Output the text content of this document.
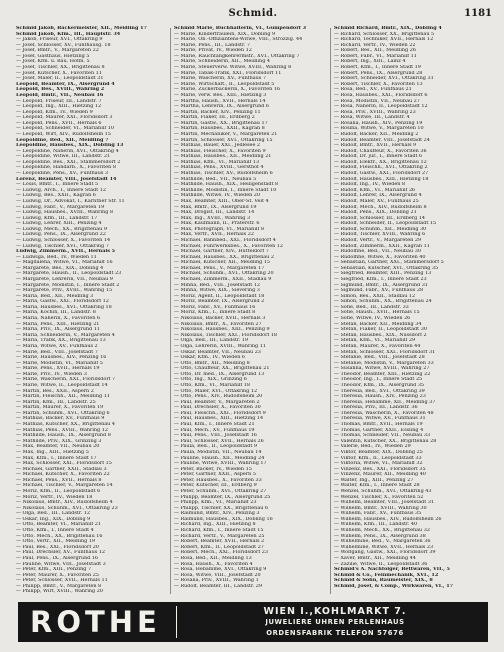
Schmid.	1181
Schmid Jakob, Bäckermeister, XII., Meidling 17
Schmid Jakob, Kfm., III., Hauptstr. 34
— Jakob, Friseur, XVI., Ottakring 9
— Josef, Schlosser, XV., Fünfhausg. 18
— Josef, Bmtr., V., Margareten 22
— Josef, Gasthaus, Hietzing 5
— Josef, Kfm. u. Bau, Hofm. 5
— Josef, Tischler, XX., Brigittenau 8
— Josef, Kutscher, X., Favoriten 11
— Josef, Maler, II., Leopoldstadt 31
Leopold, Beamter, IX., Alsergrund 4
Leopold, Bes., XVIII., Währing 2
Leopold, Bmtr., VII., Neubau 16
— Leopold, Friseur, III., Landstr. 7
— Leopold, Ing., XIII., Hietzing 12
— Leopold, Kfm., IV., Wieden 9
— Leopold, Maurer, XXI., Floridsdorf 3
— Leopold, Pens., XVII., Hernals 6
— Leopold, Schneider, VI., Mariahilf 10
— Leopold, Wirt, XIV., Rudolfsheim 15
Leopoldine, Bed., XII., Meidling 7
Leopoldine, Hausbes., XIX., Döbling 13
— Leopoldine, Näherin, XVI., Ottakring 4
— Leopoldine, Witwe, III., Landstr. 21
— Leopoldine, Bes., XXI., Stammersdorf 2
— Leopoldine, Handarb., X., Favoriten 8
— Leopoldine, Pens., XV., Fünfhaus 3
Lorenz, Beamter, VIII., Josefstadt 14
— Louis, Bmtr., I., Innere Stadt 5
— Ludwig, Arch., I., Innere Stadt 12
— Ludwig, Bes., XXII., Kagran 6
— Ludwig, Dr., Advokat, I., Kärntner Str. 11
— Ludwig, Fabr., V., Margareten 19
— Ludwig, Hausbes., XVIII., Währing 8
— Ludwig, Kfm., III., Landstr. 17
— Ludwig, Lehrer, XIII., Penzing 4
— Ludwig, Mech., XX., Brigittenau 9
— Ludwig, Pens., IX., Alsergrund 22
— Ludwig, Schlosser, X., Favoriten 14
— Ludwig, Tischler, XVI., Ottakring 7
Ludwig, Zimmerm., XVII., Hernals 5
— Ludwiga, Bed., IV., Wieden 11
— Magdalena, Witwe, VI., Mariahilf 16
— Margarete, Bes., XIX., Döbling 4
— Margarete, Haush., II., Leopoldstadt 23
— Margarete, Lehrerin, VII., Neubau 9
— Margarete, Modistin, I., Innere Stadt 2
— Margarete, Priv., XVIII., Währing 15
— Maria, Bed., XII., Meidling 3
— Maria, Gastw., XXI., Floridsdorf 12
— Maria, Hausbes., XVI., Ottakring 18
— Maria, Köchin, III., Landstr. 8
— Maria, Näherin, X., Favoriten 6
— Maria, Pens., XIII., Hietzing 21
— Maria, Priv., IX., Alsergrund 11
— Maria, Schneiderin, V., Margareten 4
— Maria, Trafik, XX., Brigittenau 13
— Maria, Witwe, XV., Fünfhaus 2
— Marie, Bed., VIII., Josefstadt 7
— Marie, Hausbes., XIV., Penzing 16
— Marie, Modistin, VI., Mariahilf 5
— Marie, Pens., XVII., Hernals 19
— Marie, Priv., IV., Wieden 3
— Marie, Wäscherin, XXI., Floridsdorf 7
— Marie, Witwe, II., Leopoldstadt 14
— Martin, Bes., XXII., Aspern 2
— Martin, Fleischh., XII., Meidling 11
— Martin, Kfm., III., Landstr. 25
— Martin, Maurer, X., Favoriten 19
— Martin, Schuhm., XVI., Ottakring 6
— Mathias, Bäcker, XV., Fünfhaus 9
— Mathias, Kutscher, XX., Brigittenau 4
— Mathias, Pens., XVIII., Währing 12
— Mathilde, Haush., IX., Alsergrund 8
— Mathilde, Priv., XIX., Grinzing 3
— Max, Beamter, VII., Neubau 20
— Max, Ing., XIII., Hietzing 5
— Max, Kfm., I., Innere Stadt 17
— Max, Schlosser, XXI., Floridsdorf 15
— Michael, Gärtner, XXII., Stadlau 3
— Michael, Kutscher, X., Favoriten 22
— Michael, Pens., XVII., Hernals 8
— Michael, Tischler, V., Margareten 14
— Moriz, Kfm., II., Leopoldstadt 6
— Moriz, Vertr., IV., Wieden 18
— Nikolaus, Bmtr., XIV., Rudolfsheim 4
— Nikolaus, Schuhm., XVI., Ottakring 23
— Olga, Bed., III., Landstr. 12
— Oskar, Ing., XIX., Döbling 9
— Otto, Beamter, VI., Mariahilf 21
— Otto, Kfm., I., Innere Stadt 4
— Otto, Mech., XX., Brigittenau 16
— Otto, Vertr., XII., Meidling 19
— Paul, Bes., XXI., Floridsdorf 20
— Paul, Drechsler, XV., Fünfhaus 12
— Paul, Pens., IX., Alsergrund 16
— Pauline, Witwe, VIII., Josefstadt 3
— Peter, Kfm., XIII., Penzing 7
— Peter, Maurer, X., Favoriten 25
— Peter, Schlosser, XVII., Hernals 11
— Philipp, Bmtr., V., Margareten 8
— Philipp, Wirt, XVIII., Währing 20
Schmid Marie, Buchhalterin, VI., Gumpendorf 3
— Marie, Kinderfräulein, XIX., Döbling 9
— Marie, Ob.-Offiziantens-Witwe, VIII., Strozzig. 44
— Marie, Pens., III., Landstr. 7
— Marie, Privat, IV., Wieden 12
— Marie, Rauchfangkehrermstr., XVI., Ottakring 7
— Marie, Schneiderin, XII., Meidling 4
— Marie, Steuerverw. Witwe, XVIII., Währing 8
— Marie, Tabak-Trafik, XXI., Floridsdorf 11
— Marie, Wäscherin, XV., Fünfhaus 7
— Marie, Wirtschaft., II., Leopoldstadt 5
— Marie, Zuckerbäckerin, X., Favoriten 16
— Marie, verw. Bes., XIII., Hietzing 3
— Martha, Haush., XVII., Hernals 14
— Martha, Lehrerin, IX., Alsergrund 6
— Martin, Bäcker, XIV., Penzing 11
— Martin, Fiaker, III., Erdberg 2
— Martin, Gastw., XX., Brigittenau 17
— Martin, Hausbes., XXII., Kagran 8
— Martin, Mechaniker, V., Margareten 21
— Martin, Schlosser, XVI., Ottakring 15
— Mathias, Bauer, XXI., Jedlesee 2
— Mathias, Fleischer, X., Favoriten 9
— Mathias, Hausbes., XII., Meidling 21
— Mathias, Kfm., VI., Mariahilf 13
— Mathias, Pens., XVIII., Gersthof 4
— Mathias, Tischler, XV., Rudolfsheim 6
— Mathilde, Bed., VII., Neubau 5
— Mathilde, Haush., XIX., Heiligenstadt 8
— Mathilde, Modistin, I., Innere Stadt 10
— Mathilde, Witwe, IV., Wieden 20
— Max, Beamter, XIII., Ober-St. Veit 4
— Max, Bmtr., IX., Alsergrund 19
— Max, Drogist, III., Landstr. 14
— Max, Ing., XVIII., Währing 3
— Max, Kaufmann, II., Praterstr. 6
— Max, Photograph, VI., Mariahilf 8
— Max, Vertr., XVII., Hernals 22
— Michael, Bahnbed., XXI., Floridsdorf 4
— Michael, Fuhrwerksbes., X., Favoriten 12
— Michael, Gärtner, XIV., Hütteldorf 7
— Michael, Hausbes., XX., Brigittenau 2
— Michael, Kutscher, XII., Meidling 15
— Michael, Pens., V., Margareten 17
— Michael, Schuhm., XVI., Ottakring 20
— Michael, Zimmerm., XXII., Stadlau 9
— Minna, Bed., VIII., Josefstadt 12
— Minna, Witwe, XIX., Sievering 3
— Moriz, Agent, II., Leopoldstadt 18
— Moriz, Beamter, IX., Alsergrund 2
— Moriz, Fabr., XV., Fünfhaus 16
— Moriz, Kfm., I., Innere Stadt 8
— Nikolaus, Bäcker, XVII., Hernals 3
— Nikolaus, Bmtr., X., Favoriten 27
— Nikolaus, Hausbes., XIII., Penzing 9
— Nikolaus, Tischler, XXI., Floridsdorf 18
— Olga, Bed., III., Landstr. 19
— Olga, Lehrerin, XVIII., Währing 11
— Oskar, Beamter, VII., Neubau 23
— Oskar, Kfm., IV., Wieden 6
— Otto, Bmtr., XII., Meidling 8
— Otto, Chauffeur, XX., Brigittenau 21
— Otto, Dr. med., IX., Alsergrund 13
— Otto, Ing., XIX., Grinzing 6
— Otto, Kfm., VI., Mariahilf 18
— Otto, Maler, XVI., Ottakring 12
— Otto, Pens., XIV., Rudolfsheim 20
— Paul, Beamter, V., Margareten 2
— Paul, Drechsler, X., Favoriten 30
— Paul, Fleischh., XXI., Floridsdorf 9
— Paul, Hausbes., XIII., Hietzing 14
— Paul, Kfm., I., Innere Stadt 21
— Paul, Mech., XV., Fünfhaus 19
— Paul, Pens., VIII., Josefstadt 16
— Paul, Schlosser, XVII., Hernals 26
— Paula, Bed., II., Leopoldstadt 9
— Paula, Modistin, VII., Neubau 14
— Pauline, Haush., XII., Meidling 24
— Pauline, Witwe, XVIII., Währing 17
— Peter, Bäcker, IV., Wieden 15
— Peter, Gärtner, XXII., Aspern 5
— Peter, Hausbes., X., Favoriten 33
— Peter, Kutscher, III., Erdberg 9
— Peter, Schuhm., XVI., Ottakring 27
— Philipp, Beamter, IX., Alsergrund 25
— Philipp, Kfm., VI., Mariahilf 23
— Philipp, Tischler, XX., Brigittenau 6
— Raimund, Bmtr., XIV., Penzing 3
— Raimund, Hausbes., XIX., Döbling 16
— Richard, Ing., XIII., Hietzing 8
— Richard, Kfm., I., Innere Stadt 15
— Richard, Vertr., V., Margareten 25
— Robert, Beamter, XVII., Hernals 2
— Robert, Kfm., II., Leopoldstadt 27
— Robert, Mech., XXI., Floridsdorf 23
— Rosa, Bed., XII., Meidling 13
— Rosa, Haush., X., Favoriten 4
— Rosa, Hebamme, XVI., Ottakring 9
— Rosa, Witwe, VIII., Josefstadt 20
— Rosalia, Priv., XVIII., Währing 1
— Rudolf, Beamter, III., Landstr. 29
Schmid Richard, Bmtr., XIX., Döbling 4
— Richard, Schlosser, XX., Brigittenau 5
— Richard, Techniker, XVII., Hernals 12
— Richard, Vertr., IV., Wieden 22
— Robert, Bes., XII., Meidling 26
— Robert, Fabr., VI., Mariahilf 11
— Robert, Ing., XIII., Lainz 4
— Robert, Kfm., I., Innere Stadt 19
— Robert, Pens., IX., Alsergrund 28
— Robert, Schneider, XVI., Ottakring 31
— Robert, Tischler, X., Favoriten 13
— Rosa, Bed., XV., Fünfhaus 21
— Rosa, Hausbes., XXI., Floridsdorf 6
— Rosa, Modistin, VII., Neubau 27
— Rosa, Näherin, II., Leopoldstadt 12
— Rosa, Priv., XVIII., Währing 23
— Rosa, Witwe, III., Landstr. 4
— Rosalia, Haush., XIV., Penzing 19
— Rosina, Witwe, V., Margareten 10
— Rudolf, Bäcker, XII., Meidling 2
— Rudolf, Beamter, VIII., Josefstadt 24
— Rudolf, Bmtr., XVII., Hernals 9
— Rudolf, Chauffeur, X., Favoriten 36
— Rudolf, Dr. jur., I., Innere Stadt 6
— Rudolf, Elektr., XX., Brigittenau 12
— Rudolf, Fleischh., XVI., Ottakring 2
— Rudolf, Gastw., XXI., Floridsdorf 27
— Rudolf, Hausbes., XIII., Hietzing 18
— Rudolf, Ing., IV., Wieden 8
— Rudolf, Kfm., VI., Mariahilf 26
— Rudolf, Lehrer, IX., Alsergrund 4
— Rudolf, Maler, XV., Fünfhaus 25
— Rudolf, Mech., XIV., Rudolfsheim 8
— Rudolf, Pens., XIX., Döbling 21
— Rudolf, Schlosser, III., Erdberg 14
— Rudolf, Schneider, II., Leopoldstadt 15
— Rudolf, Schuhm., XII., Meidling 30
— Rudolf, Tischler, XVIII., Währing 6
— Rudolf, Vertr., V., Margareten 29
— Rudolf, Zimmerm., XXII., Kagran 11
— Rudolfine, Bed., VII., Neubau 30
— Rudolfine, Witwe, X., Favoriten 40
— Sebastian, Gärtner, XXI., Stammersdorf 5
— Sebastian, Kutscher, XVI., Ottakring 35
— Siegfried, Beamter, XIII., Penzing 13
— Siegfried, Kfm., I., Innere Stadt 23
— Sigmund, Bmtr., IX., Alsergrund 31
— Sigmund, Fabr., XV., Fünfhaus 28
— Simon, Bes., XXII., Stadlau 12
— Simon, Schuhm., XX., Brigittenau 24
— Sofie, Bed., III., Landstr. 33
— Sofie, Haush., XVII., Hernals 15
— Sofie, Witwe, IV., Wieden 26
— Stefan, Bäcker, XII., Meidling 34
— Stefan, Fiaker, II., Leopoldstadt 30
— Stefan, Hausbes., XIX., Nussdorf 2
— Stefan, Kfm., VI., Mariahilf 29
— Stefan, Maurer, X., Favoriten 44
— Stefan, Schlosser, XXI., Floridsdorf 31
— Stefanie, Bed., VIII., Josefstadt 28
— Stefanie, Modistin, V., Margareten 33
— Susanna, Witwe, XVIII., Währing 27
— Theodor, Beamter, XIII., Hietzing 22
— Theodor, Ing., I., Innere Stadt 25
— Theodor, Kfm., IX., Alsergrund 35
— Theresia, Bed., XVI., Ottakring 39
— Theresia, Haush., XIV., Penzing 23
— Theresia, Hebamme, XII., Meidling 37
— Theresia, Priv., III., Landstr. 36
— Theresia, Wäscherin, X., Favoriten 48
— Theresia, Witwe, XV., Fünfhaus 31
— Thomas, Bmtr., XVII., Hernals 19
— Thomas, Gärtner, XXII., Essling 4
— Thomas, Schneider, VII., Neubau 33
— Valentin, Kutscher, XX., Brigittenau 28
— Valerie, Bed., IV., Wieden 29
— Viktor, Beamter, XIX., Döbling 25
— Viktor, Kfm., II., Leopoldstadt 33
— Viktoria, Witwe, VI., Mariahilf 32
— Vinzenz, Bes., XXI., Floridsdorf 35
— Vinzenz, Maurer, XII., Meidling 40
— Walter, Ing., XIII., Penzing 27
— Walter, Kfm., I., Innere Stadt 28
— Wenzel, Schuhm., XVI., Ottakring 43
— Wenzel, Tischler, X., Favoriten 52
— Wilhelm, Beamter, VIII., Josefstadt 31
— Wilhelm, Bmtr., XVIII., Währing 30
— Wilhelm, Fabr., XV., Fünfhaus 35
— Wilhelm, Hausbes., XIV., Rudolfsheim 26
— Wilhelm, Kfm., III., Landstr. 40
— Wilhelm, Mech., XX., Brigittenau 32
— Wilhelm, Pens., IX., Alsergrund 38
— Wilhelmine, Bed., V., Margareten 36
— Wilhelmine, Witwe, XVII., Hernals 23
— Wolfgang, Gastw., XXI., Floridsdorf 39
— Xaver, Bmtr., XII., Meidling 44
— Zäzilie, Witwe, II., Leopoldstadt 36
Schmid's A. Nachfolger, Bettwaren, VII., 5
Schmid & Co., Feinmechanik, XVI., 12
Schmid & Sohn, Baumeister, XIX., 8
Schmid, Josef, & Comp., Wirkwaren, VI., 17
ROTHE	WIEN I.,KOHLMARKT 7.
JUWELIERE UHREN PERLENHAUS
ORDENSFABRIK TELEFON 57676
